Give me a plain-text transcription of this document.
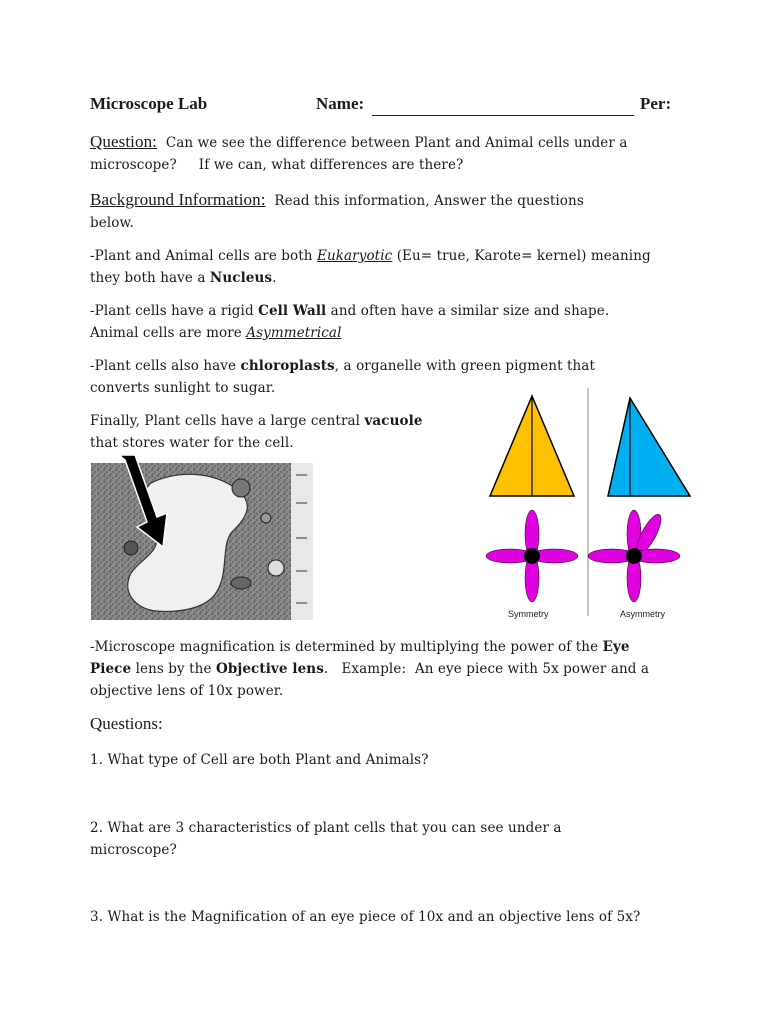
Microscope Lab	Name:	Per:
Question: Can we see the difference between Plant and Animal cells under a
microscope?     If we can, what differences are there?
Background Information: Read this information, Answer the questions
below.
-Plant and Animal cells are both Eukaryotic (Eu= true, Karote= kernel) meaning
they both have a Nucleus.
-Plant cells have a rigid Cell Wall and often have a similar size and shape.
Animal cells are more Asymmetrical
-Plant cells also have chloroplasts, a organelle with green pigment that
converts sunlight to sugar.
Finally, Plant cells have a large central vacuole
that stores water for the cell.
Symmetry	Asymmetry
-Microscope magnification is determined by multiplying the power of the Eye
Piece lens by the Objective lens.   Example:  An eye piece with 5x power and a
objective lens of 10x power.
Questions:
1. What type of Cell are both Plant and Animals?
2. What are 3 characteristics of plant cells that you can see under a
microscope?
3. What is the Magnification of an eye piece of 10x and an objective lens of 5x?
